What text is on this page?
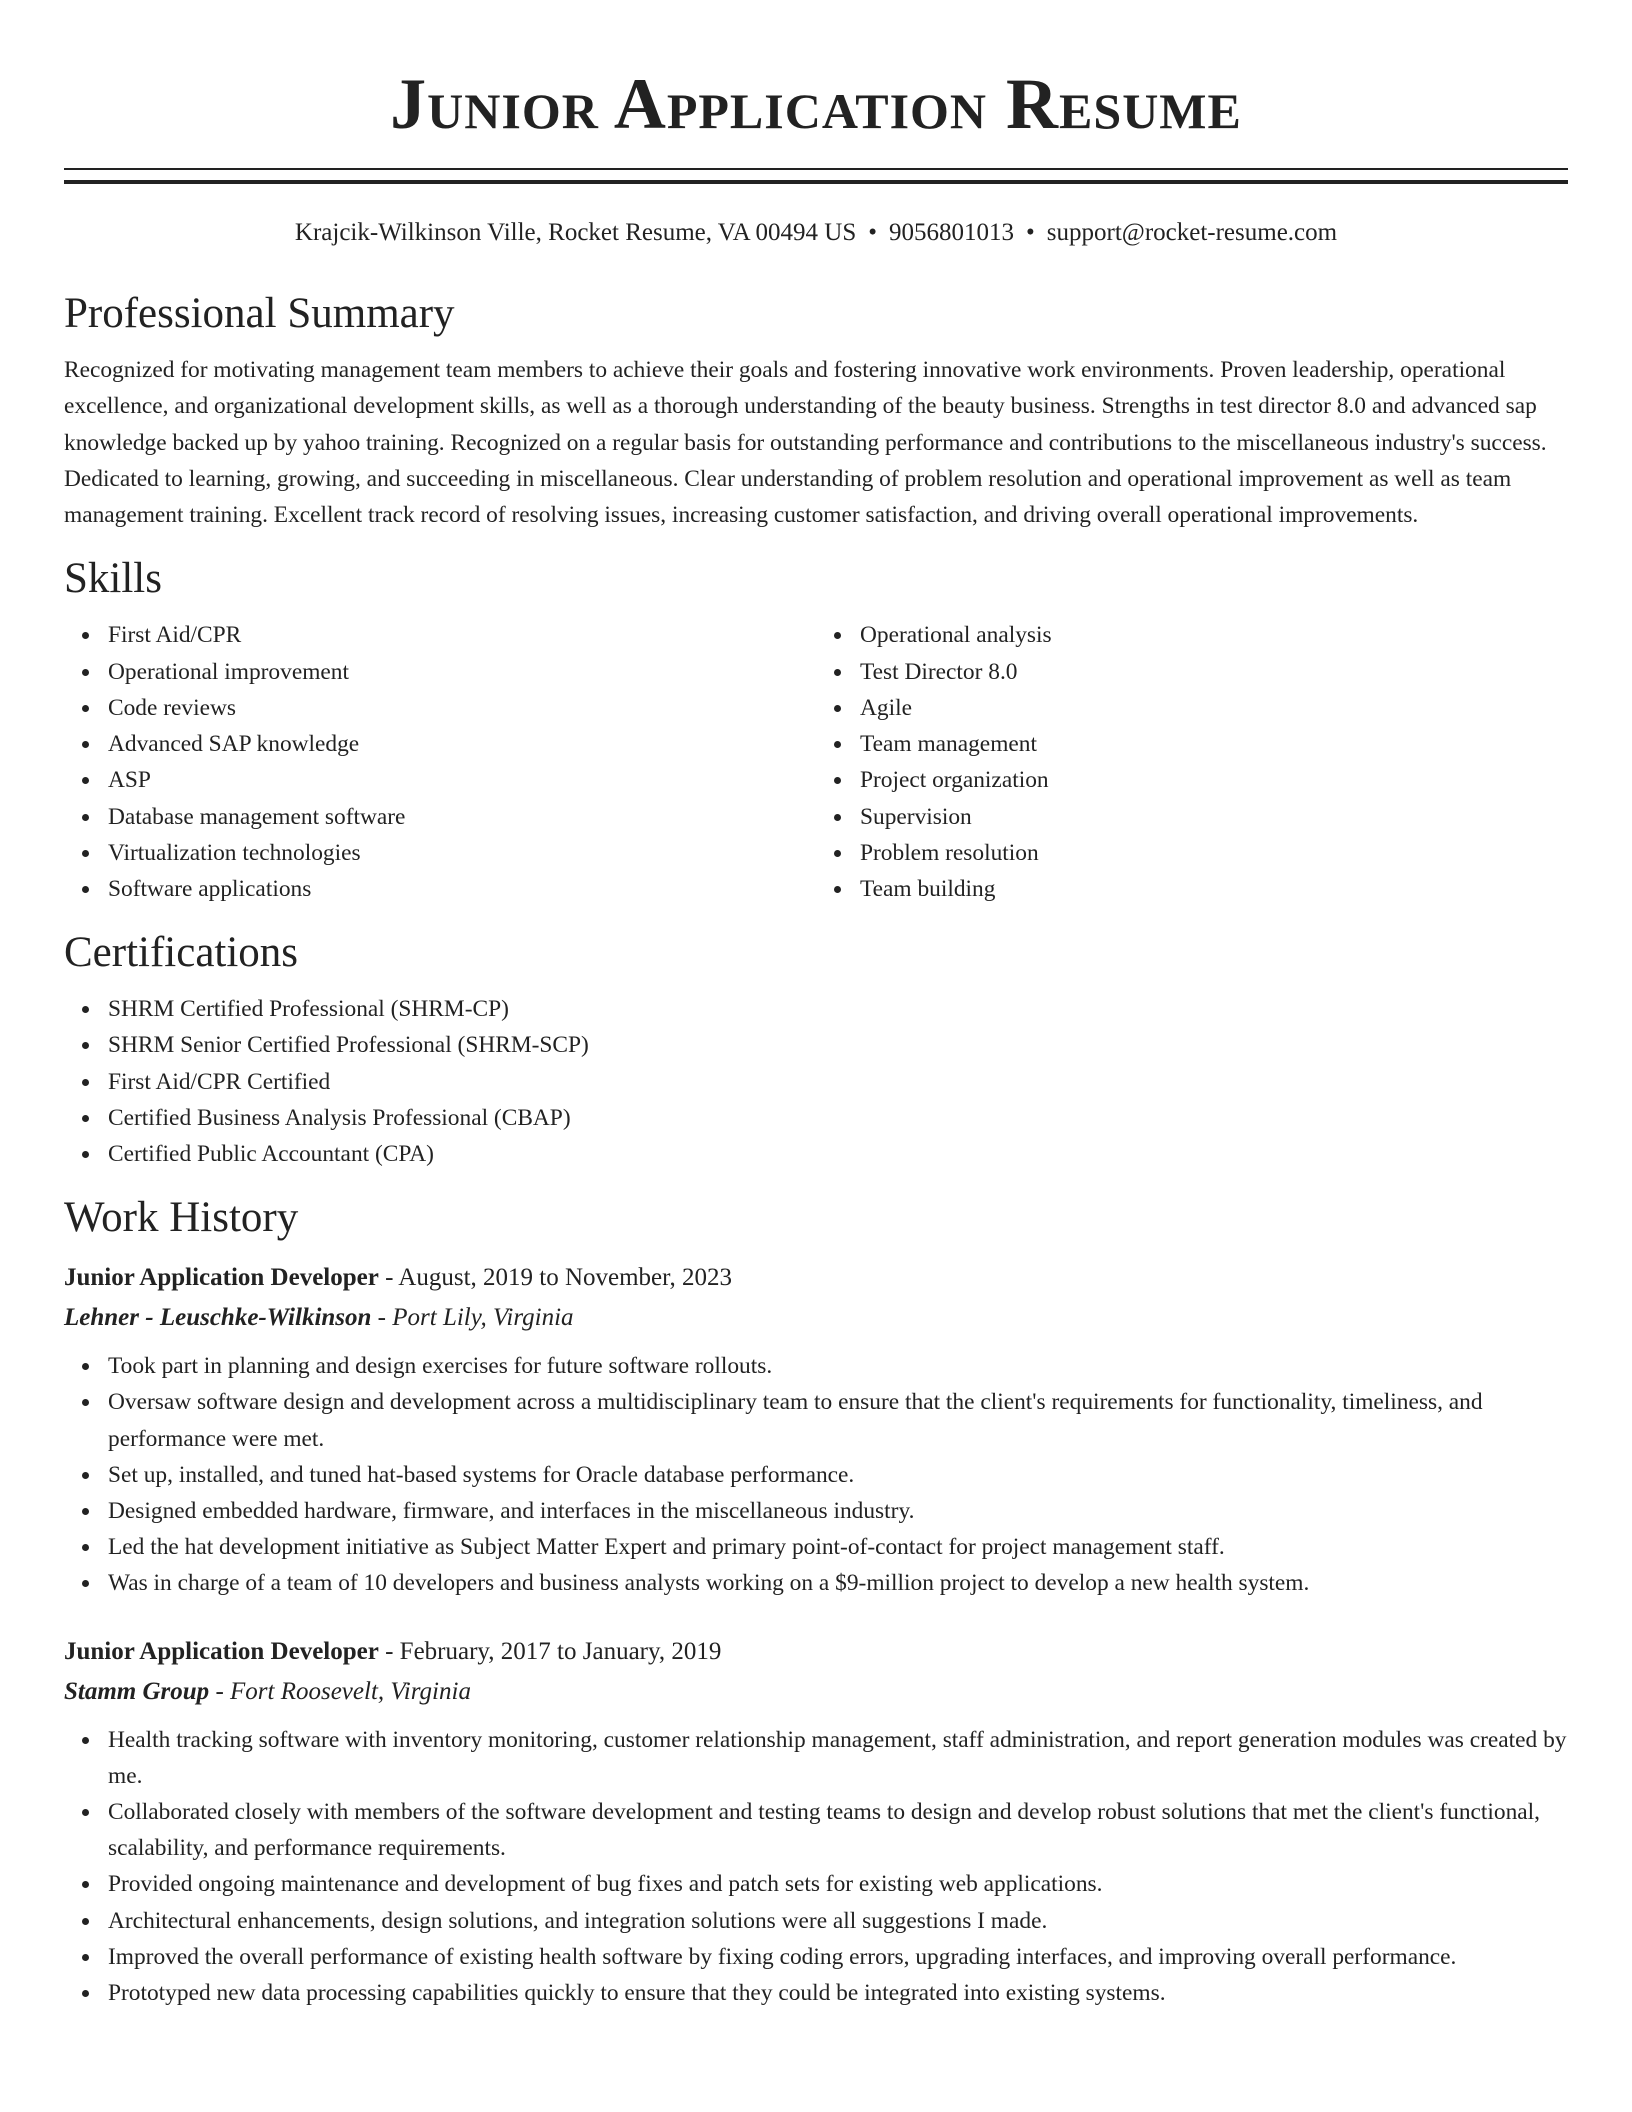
Junior Application Resume
Krajcik-Wilkinson Ville, Rocket Resume, VA 00494 US • 9056801013 • support@rocket-resume.com
Professional Summary

Recognized for motivating management team members to achieve their goals and fostering innovative work environments. Proven leadership, operational excellence, and organizational development skills, as well as a thorough understanding of the beauty business. Strengths in test director 8.0 and advanced sap knowledge backed up by yahoo training. Recognized on a regular basis for outstanding performance and contributions to the miscellaneous industry's success. Dedicated to learning, growing, and succeeding in miscellaneous. Clear understanding of problem resolution and operational improvement as well as team management training. Excellent track record of resolving issues, increasing customer satisfaction, and driving overall operational improvements.

Skills
First Aid/CPR
Operational improvement
Code reviews
Advanced SAP knowledge
ASP
Database management software
Virtualization technologies
Software applications
Operational analysis
Test Director 8.0
Agile
Team management
Project organization
Supervision
Problem resolution
Team building
Certifications
SHRM Certified Professional (SHRM-CP)
SHRM Senior Certified Professional (SHRM-SCP)
First Aid/CPR Certified
Certified Business Analysis Professional (CBAP)
Certified Public Accountant (CPA)
Work History
Junior Application Developer - August, 2019 to November, 2023
Lehner - Leuschke-Wilkinson - Port Lily, Virginia
Took part in planning and design exercises for future software rollouts.
Oversaw software design and development across a multidisciplinary team to ensure that the client's requirements for functionality, timeliness, and performance were met.
Set up, installed, and tuned hat-based systems for Oracle database performance.
Designed embedded hardware, firmware, and interfaces in the miscellaneous industry.
Led the hat development initiative as Subject Matter Expert and primary point-of-contact for project management staff.
Was in charge of a team of 10 developers and business analysts working on a $9-million project to develop a new health system.
Junior Application Developer - February, 2017 to January, 2019
Stamm Group - Fort Roosevelt, Virginia
Health tracking software with inventory monitoring, customer relationship management, staff administration, and report generation modules was created by me.
Collaborated closely with members of the software development and testing teams to design and develop robust solutions that met the client's functional, scalability, and performance requirements.
Provided ongoing maintenance and development of bug fixes and patch sets for existing web applications.
Architectural enhancements, design solutions, and integration solutions were all suggestions I made.
Improved the overall performance of existing health software by fixing coding errors, upgrading interfaces, and improving overall performance.
Prototyped new data processing capabilities quickly to ensure that they could be integrated into existing systems.
